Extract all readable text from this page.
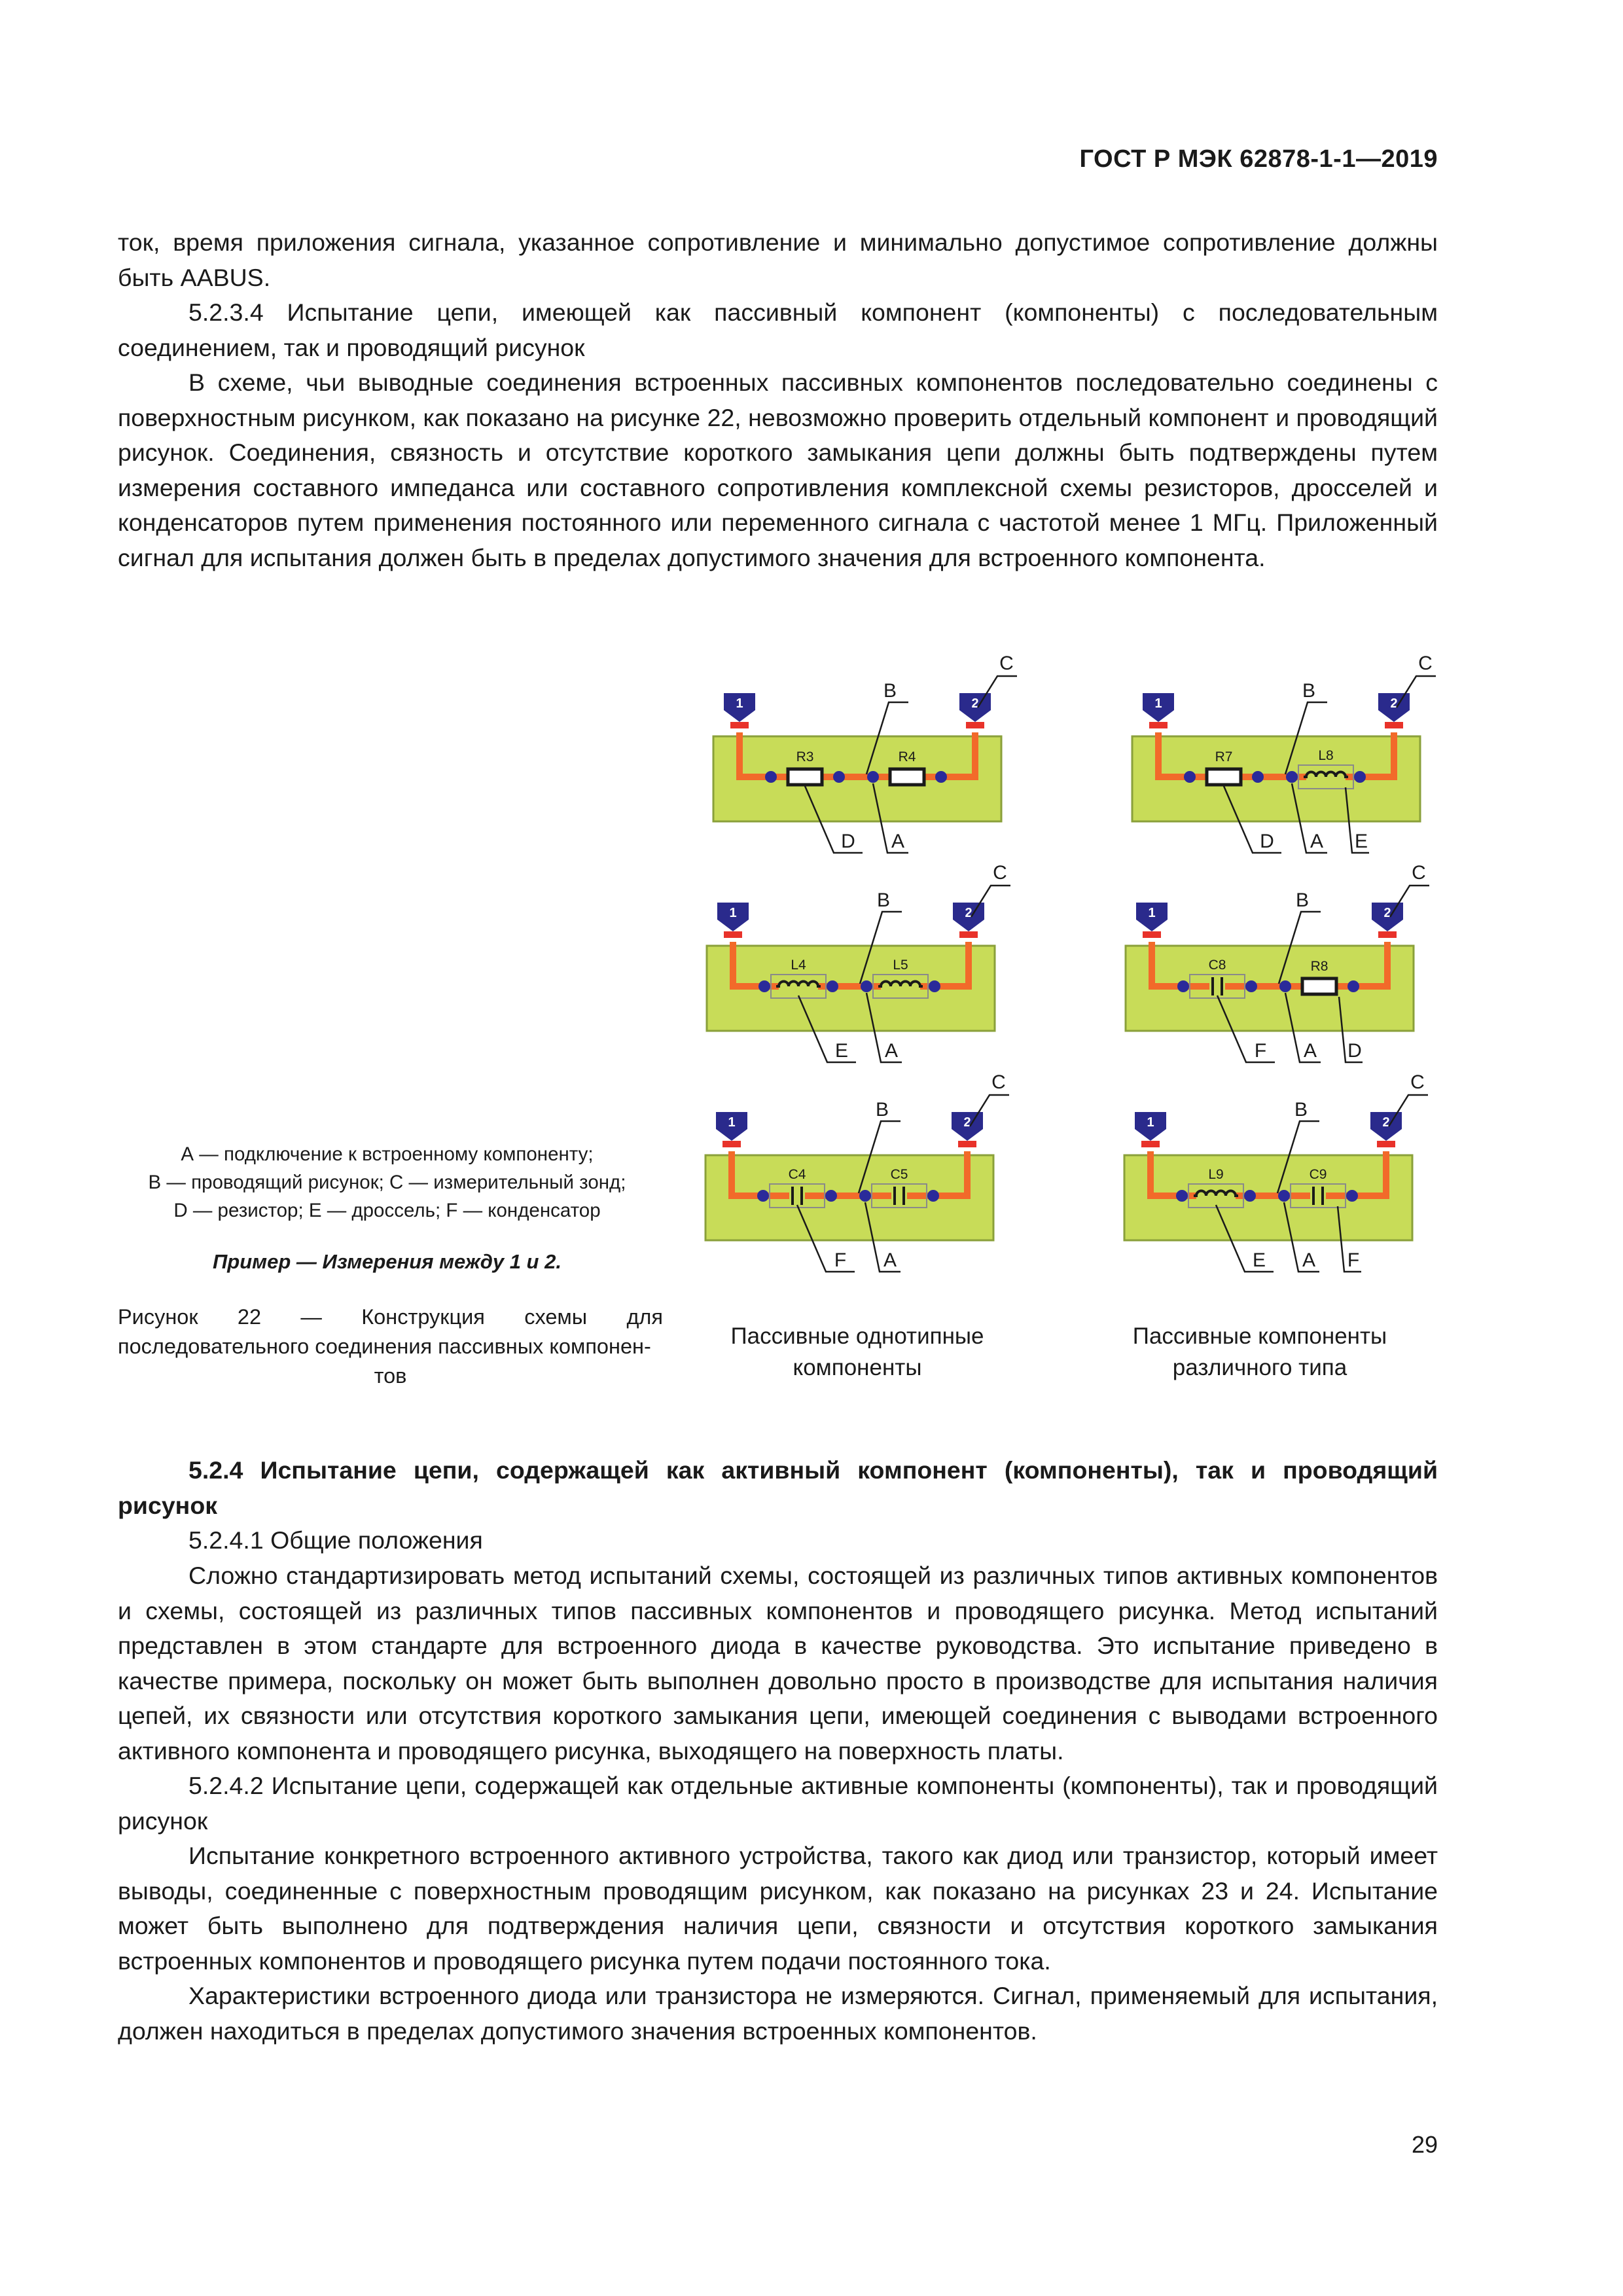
ГОСТ Р МЭК 62878-1-1—2019

ток, время приложения сигнала, указанное сопротивление и минимально допустимое сопротивление должны быть AABUS.

5.2.3.4 Испытание цепи, имеющей как пассивный компонент (компоненты) с последовательным соединением, так и проводящий рисунок

В схеме, чьи выводные соединения встроенных пассивных компонентов последовательно соединены с поверхностным рисунком, как показано на рисунке 22, невозможно проверить отдельный компонент и проводящий рисунок. Соединения, связность и отсутствие короткого замыкания цепи должны быть подтверждены путем измерения составного импеданса или составного сопротивления комплексной схемы резисторов, дросселей и конденсаторов путем применения постоянного или переменного сигнала с частотой менее 1 МГц. Приложенный сигнал для испытания должен быть в пределах допустимого значения для встроенного компонента.

R3	R4
1	2
C
B
D A
R7	L8
1	2
C
B
D A E
L4	L5
1	2
C
B
E A
C8	R8
1	2
C
B
F A D
C4	C5
1	2
C
B
F A
L9	C9
1	2
C
B
E A F

А — подключение к встроенному компоненту;

B — проводящий рисунок; C — измерительный зонд;

D — резистор; E — дроссель; F — конденсатор

Пример — Измерения между 1 и 2.

Рисунок 22 — Конструкция схемы для последовательного соединения пассивных компонен-
тов

Пассивные однотипные
компоненты

Пассивные компоненты
различного типа

5.2.4 Испытание цепи, содержащей как активный компонент (компоненты), так и проводящий рисунок

5.2.4.1 Общие положения

Сложно стандартизировать метод испытаний схемы, состоящей из различных типов активных компонентов и схемы, состоящей из различных типов пассивных компонентов и проводящего рисунка. Метод испытаний представлен в этом стандарте для встроенного диода в качестве руководства. Это испытание приведено в качестве примера, поскольку он может быть выполнен довольно просто в производстве для испытания наличия цепей, их связности или отсутствия короткого замыкания цепи, имеющей соединения с выводами встроенного активного компонента и проводящего рисунка, выходящего на поверхность платы.

5.2.4.2 Испытание цепи, содержащей как отдельные активные компоненты (компоненты), так и проводящий рисунок

Испытание конкретного встроенного активного устройства, такого как диод или транзистор, который имеет выводы, соединенные с поверхностным проводящим рисунком, как показано на рисунках 23 и 24. Испытание может быть выполнено для подтверждения наличия цепи, связности и отсутствия короткого замыкания встроенных компонентов и проводящего рисунка путем подачи постоянного тока.

Характеристики встроенного диода или транзистора не измеряются. Сигнал, применяемый для испытания, должен находиться в пределах допустимого значения встроенных компонентов.

29
